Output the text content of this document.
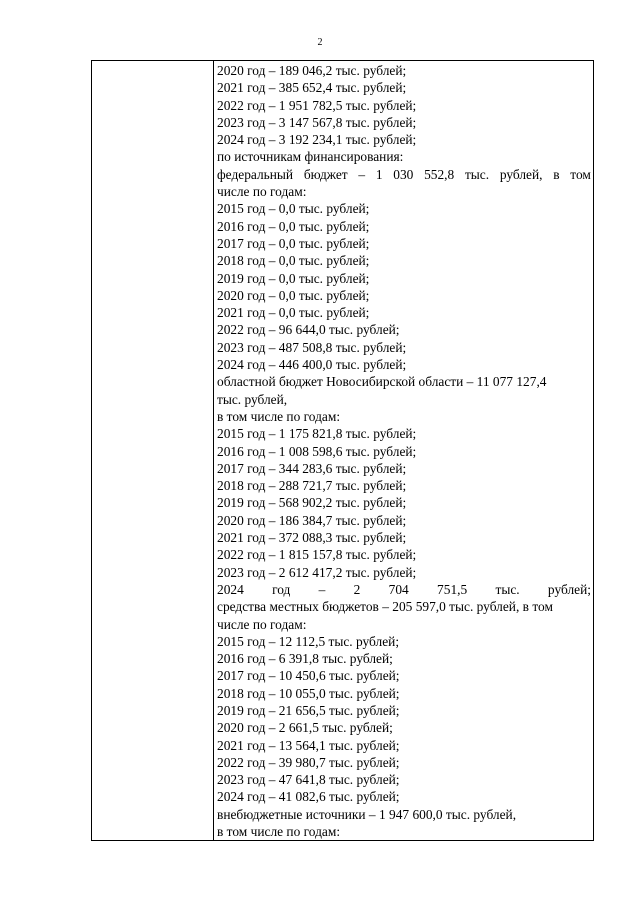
2
2020 год – 189 046,2 тыс. рублей;
2021 год – 385 652,4 тыс. рублей;
2022 год – 1 951 782,5 тыс. рублей;
2023 год – 3 147 567,8 тыс. рублей;
2024 год – 3 192 234,1 тыс. рублей;
по источникам финансирования:
федеральный бюджет – 1 030 552,8 тыс. рублей, в том
числе по годам:
2015 год – 0,0 тыс. рублей;
2016 год – 0,0 тыс. рублей;
2017 год – 0,0 тыс. рублей;
2018 год – 0,0 тыс. рублей;
2019 год – 0,0 тыс. рублей;
2020 год – 0,0 тыс. рублей;
2021 год – 0,0 тыс. рублей;
2022 год – 96 644,0 тыс. рублей;
2023 год – 487 508,8 тыс. рублей;
2024 год – 446 400,0 тыс. рублей;
областной бюджет Новосибирской области – 11 077 127,4
тыс. рублей,
в том числе по годам:
2015 год – 1 175 821,8 тыс. рублей;
2016 год – 1 008 598,6 тыс. рублей;
2017 год – 344 283,6 тыс. рублей;
2018 год – 288 721,7 тыс. рублей;
2019 год – 568 902,2 тыс. рублей;
2020 год – 186 384,7 тыс. рублей;
2021 год – 372 088,3 тыс. рублей;
2022 год – 1 815 157,8 тыс. рублей;
2023 год – 2 612 417,2 тыс. рублей;
2024 год – 2 704 751,5 тыс. рублей;
средства местных бюджетов – 205 597,0 тыс. рублей, в том
числе по годам:
2015 год – 12 112,5 тыс. рублей;
2016 год – 6 391,8 тыс. рублей;
2017 год – 10 450,6 тыс. рублей;
2018 год – 10 055,0 тыс. рублей;
2019 год – 21 656,5 тыс. рублей;
2020 год – 2 661,5 тыс. рублей;
2021 год – 13 564,1 тыс. рублей;
2022 год – 39 980,7 тыс. рублей;
2023 год – 47 641,8 тыс. рублей;
2024 год – 41 082,6 тыс. рублей;
внебюджетные источники – 1 947 600,0 тыс. рублей,
в том числе по годам:
